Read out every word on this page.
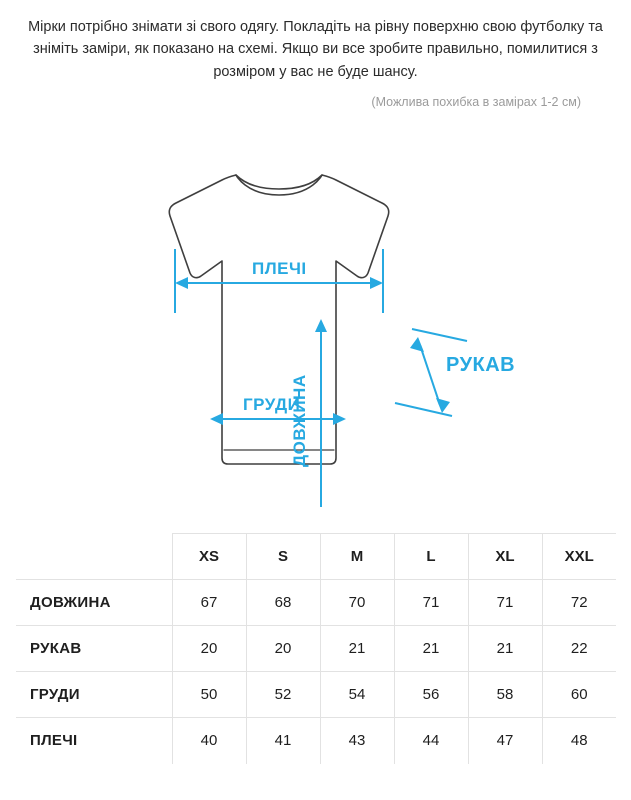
Мірки потрібно знімати зі свого одягу. Покладіть на рівну поверхню свою футболку та зніміть заміри, як показано на схемі. Якщо ви все зробите правильно, помилитися з розміром у вас не буде шансу.

(Можлива похибка в замірах 1-2 см)
ПЛЕЧІ
ГРУДИ
РУКАВ
ДОВЖИНА
	XS	S	M	L	XL	XXL
ДОВЖИНА	67	68	70	71	71	72
РУКАВ	20	20	21	21	21	22
ГРУДИ	50	52	54	56	58	60
ПЛЕЧІ	40	41	43	44	47	48
